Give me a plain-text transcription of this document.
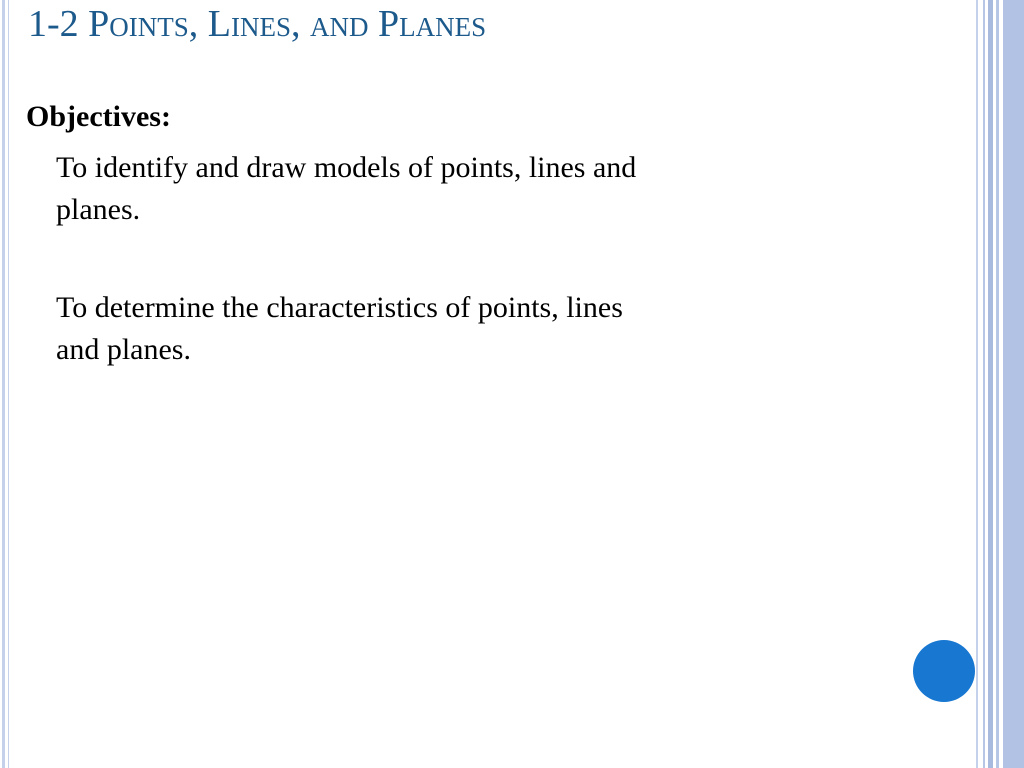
1-2 Points, Lines, and Planes
Objectives:

To identify and draw models of points, lines and
planes.

To determine the characteristics of points, lines
and planes.
